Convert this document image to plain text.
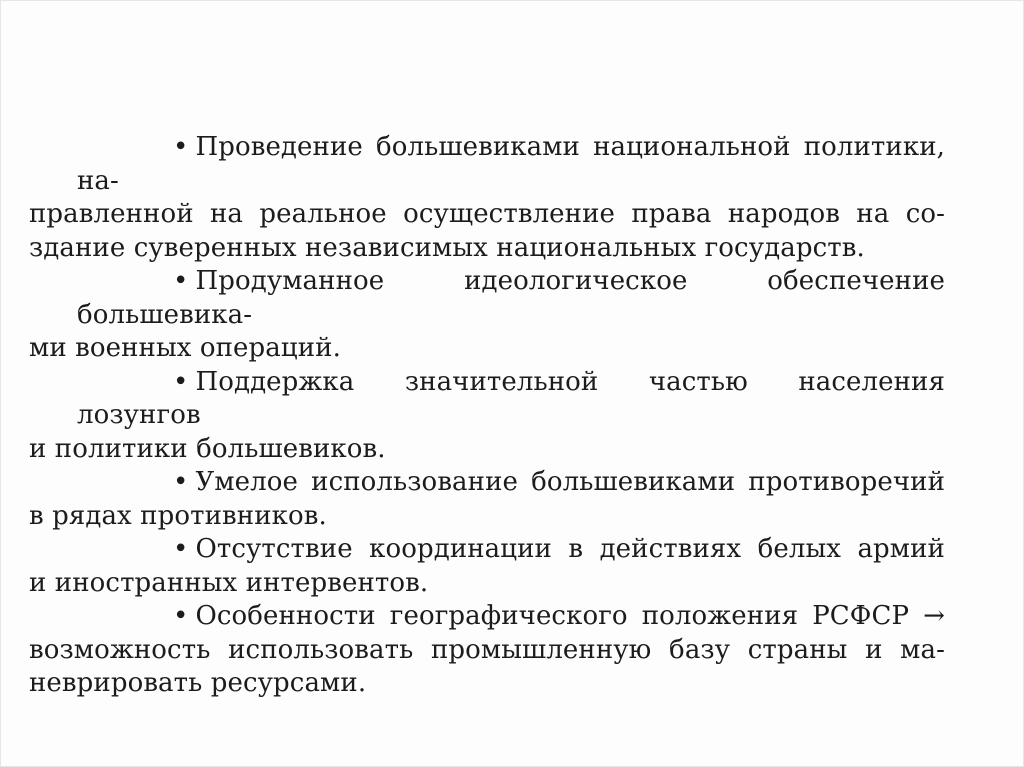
• Проведение большевиками национальной политики, на-
правленной на реальное осуществление права народов на со-
здание суверенных независимых национальных государств.

• Продуманное идеологическое обеспечение большевика-
ми военных операций.

• Поддержка значительной частью населения лозунгов
и политики большевиков.

• Умелое использование большевиками противоречий
в рядах противников.

• Отсутствие координации в действиях белых армий
и иностранных интервентов.

• Особенности географического положения РСФСР →
возможность использовать промышленную базу страны и ма-
неврировать ресурсами.
